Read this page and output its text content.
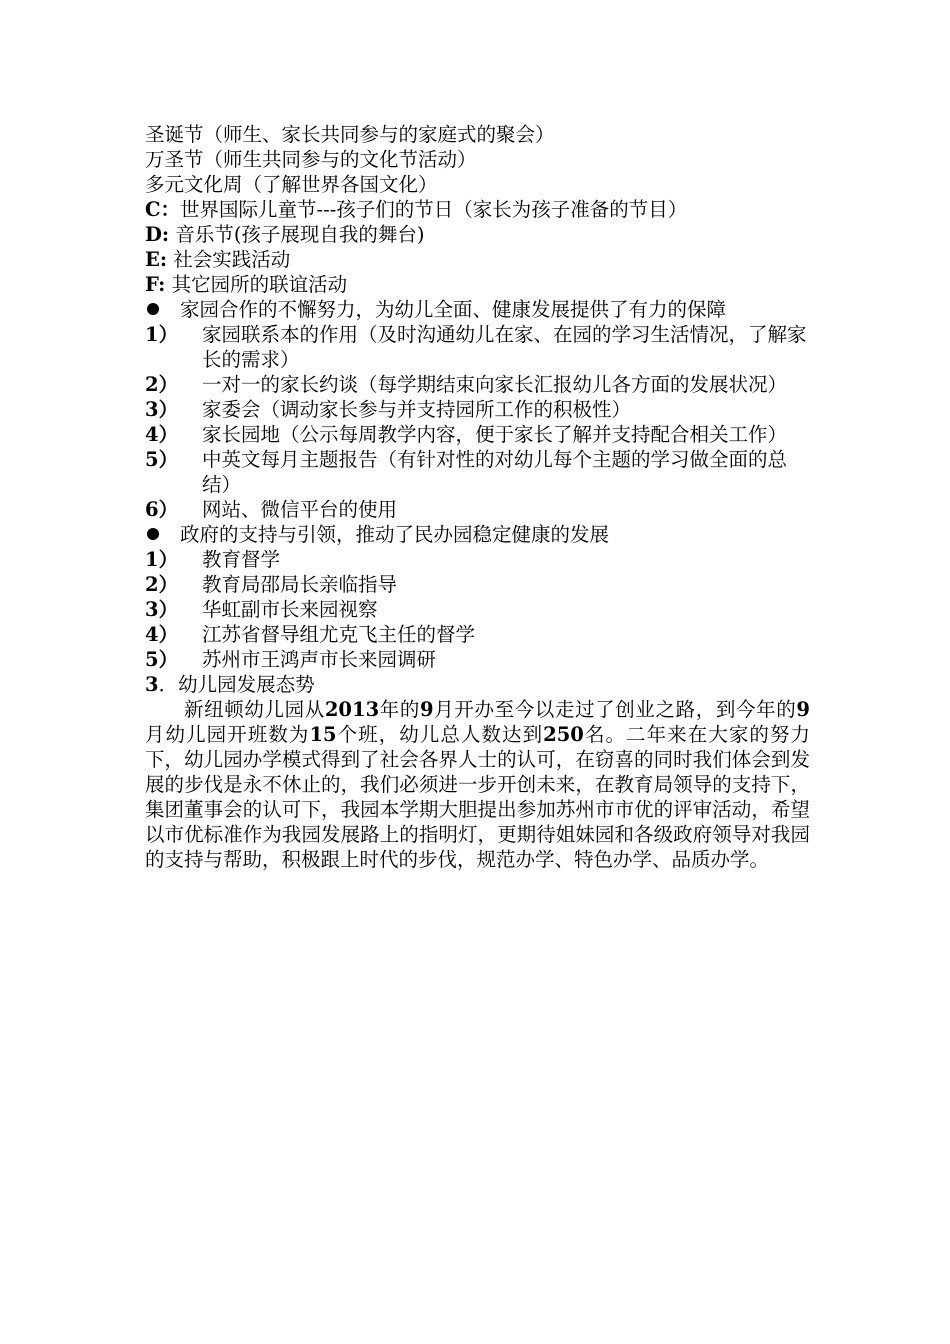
圣诞节（师生、家长共同参与的家庭式的聚会）
万圣节（师生共同参与的文化节活动）
多元文化周（了解世界各国文化）
C：世界国际儿童节---孩子们的节日（家长为孩子准备的节目）
D: 音乐节(孩子展现自我的舞台)
E: 社会实践活动
F: 其它园所的联谊活动
家园合作的不懈努力，为幼儿全面、健康发展提供了有力的保障
1）	家园联系本的作用（及时沟通幼儿在家、在园的学习生活情况，了解家长的需求）
2）	一对一的家长约谈（每学期结束向家长汇报幼儿各方面的发展状况）
3）	家委会（调动家长参与并支持园所工作的积极性）
4）	家长园地（公示每周教学内容，便于家长了解并支持配合相关工作）
5）	中英文每月主题报告（有针对性的对幼儿每个主题的学习做全面的总结）
6）	网站、微信平台的使用
政府的支持与引领，推动了民办园稳定健康的发展
1）	教育督学
2）	教育局邵局长亲临指导
3）	华虹副市长来园视察
4）	江苏省督导组尤克飞主任的督学
5）	苏州市王鸿声市长来园调研
3．幼儿园发展态势

新纽顿幼儿园从2013年的9月开办至今以走过了创业之路，到今年的9月幼儿园开班数为15个班，幼儿总人数达到250名。二年来在大家的努力下，幼儿园办学模式得到了社会各界人士的认可，在窃喜的同时我们体会到发展的步伐是永不休止的，我们必须进一步开创未来，在教育局领导的支持下，集团董事会的认可下，我园本学期大胆提出参加苏州市市优的评审活动，希望以市优标准作为我园发展路上的指明灯，更期待姐妹园和各级政府领导对我园的支持与帮助，积极跟上时代的步伐，规范办学、特色办学、品质办学。
